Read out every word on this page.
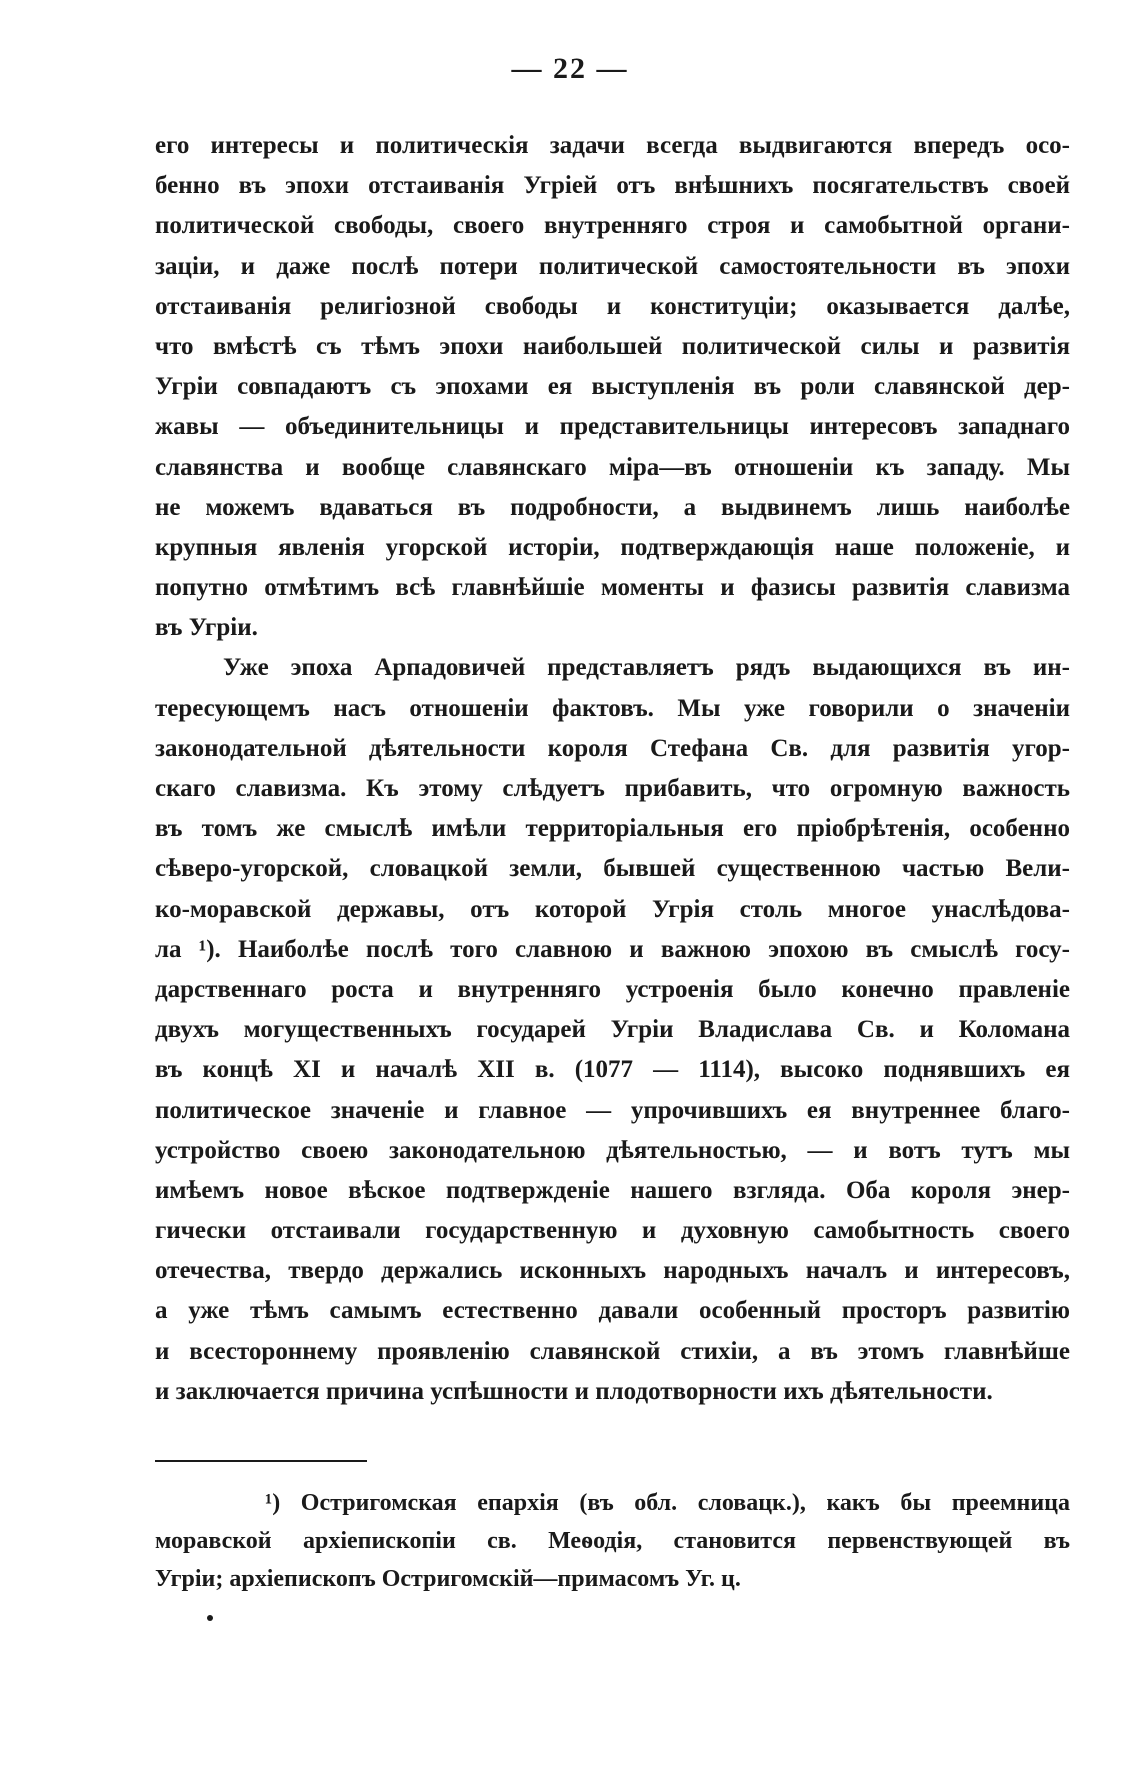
— 22 —
его интересы и политическія задачи всегда выдвигаются впередъ осо-
бенно въ эпохи отстаиванія Угріей отъ внѣшнихъ посягательствъ своей
политической свободы, своего внутренняго строя и самобытной органи-
заціи, и даже послѣ потери политической самостоятельности въ эпохи
отстаиванія религіозной свободы и конституціи; оказывается далѣе,
что вмѣстѣ съ тѣмъ эпохи наибольшей политической силы и развитія
Угріи совпадаютъ съ эпохами ея выступленія въ роли славянской дер-
жавы — объединительницы и представительницы интересовъ западнаго
славянства и вообще славянскаго міра—въ отношеніи къ западу. Мы
не можемъ вдаваться въ подробности, а выдвинемъ лишь наиболѣе
крупныя явленія угорской исторіи, подтверждающія наше положеніе, и
попутно отмѣтимъ всѣ главнѣйшіе моменты и фазисы развитія славизма
въ Угріи.
Уже эпоха Арпадовичей представляетъ рядъ выдающихся въ ин-
тересующемъ насъ отношеніи фактовъ. Мы уже говорили о значеніи
законодательной дѣятельности короля Стефана Св. для развитія угор-
скаго славизма. Къ этому слѣдуетъ прибавить, что огромную важность
въ томъ же смыслѣ имѣли территоріальныя его пріобрѣтенія, особенно
сѣверо-угорской, словацкой земли, бывшей существенною частью Вели-
ко-моравской державы, отъ которой Угрія столь многое унаслѣдова-
ла ¹). Наиболѣе послѣ того славною и важною эпохою въ смыслѣ госу-
дарственнаго роста и внутренняго устроенія было конечно правленіе
двухъ могущественныхъ государей Угріи Владислава Св. и Коломана
въ концѣ XI и началѣ XII в. (1077 — 1114), высоко поднявшихъ ея
политическое значеніе и главное — упрочившихъ ея внутреннее благо-
устройство своею законодательною дѣятельностью, — и вотъ тутъ мы
имѣемъ новое вѣское подтвержденіе нашего взгляда. Оба короля энер-
гически отстаивали государственную и духовную самобытность своего
отечества, твердо держались исконныхъ народныхъ началъ и интересовъ,
а уже тѣмъ самымъ естественно давали особенный просторъ развитію
и всестороннему проявленію славянской стихіи, а въ этомъ главнѣйше
и заключается причина успѣшности и плодотворности ихъ дѣятельности.
¹) Остригомская епархія (въ обл. словацк.), какъ бы преемница
моравской архіепископіи св. Меѳодія, становится первенствующей въ
Угріи; архіепископъ Остригомскій—примасомъ Уг. ц.
